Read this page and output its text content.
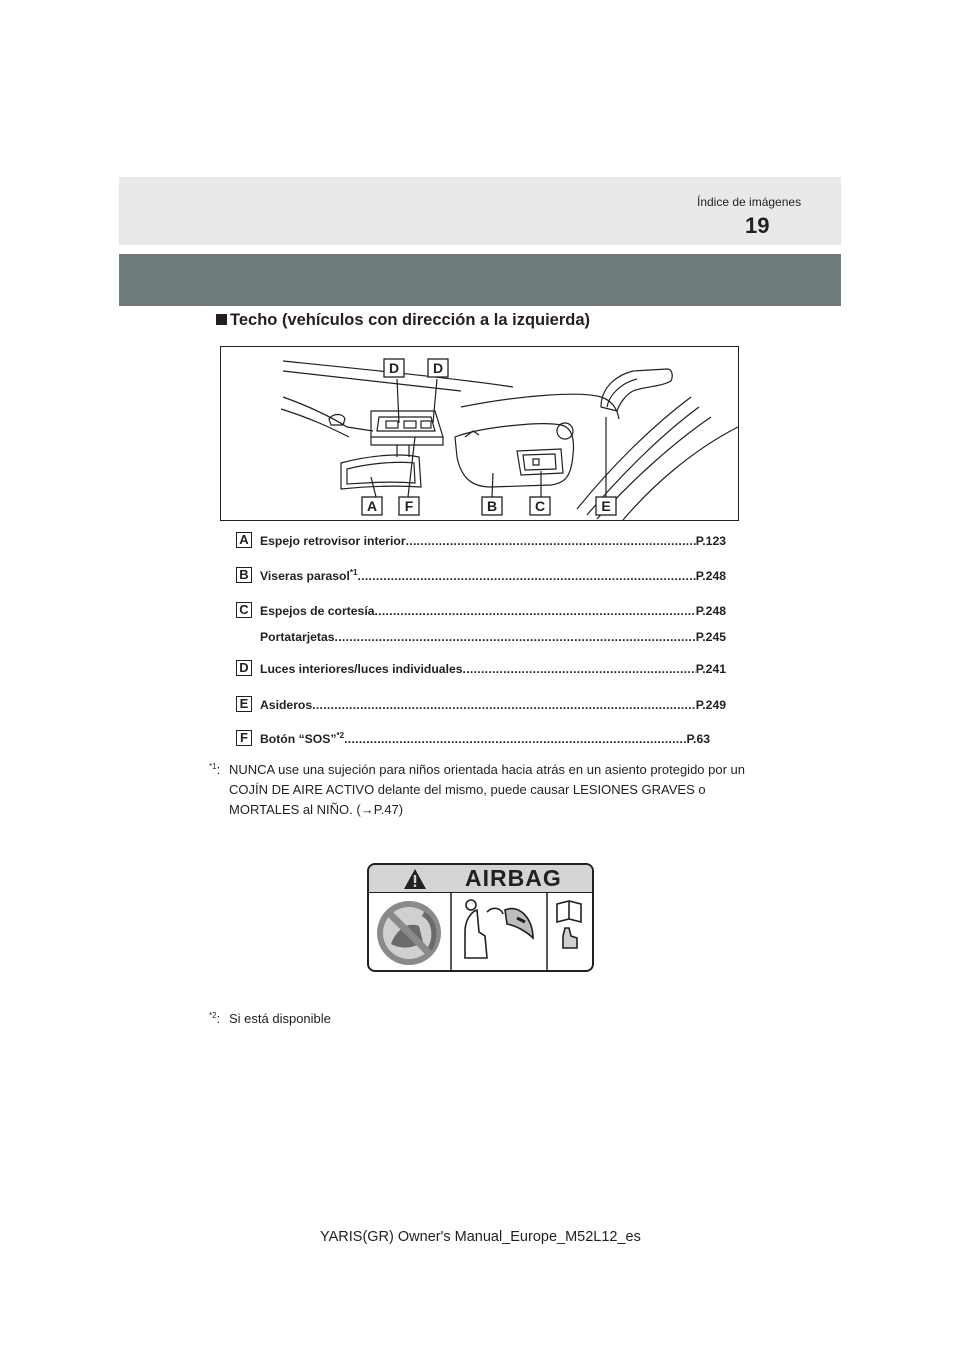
Índice de imágenes
19
Techo (vehículos con dirección a la izquierda)
D D
A F	B	C	E
A Espejo retrovisor interior .....	P.123
B Viseras parasol$^{*1}$ .....	P.248
C Espejos de cortesía .....	P.248
Portatarjetas .....	P.245
D Luces interiores/luces individuales .....	P.241
E Asideros .....	P.249
F Botón “SOS”$^{*2}$ .....	P.63
$^{*1}$: NUNCA use una sujeción para niños orientada hacia atrás en un asiento protegido por un COJÍN DE AIRE ACTIVO delante del mismo, puede causar LESIONES GRAVES o MORTALES al NIÑO. (→P.47)
AIRBAG
$^{*2}$: Si está disponible
YARIS(GR) Owner's Manual_Europe_M52L12_es
